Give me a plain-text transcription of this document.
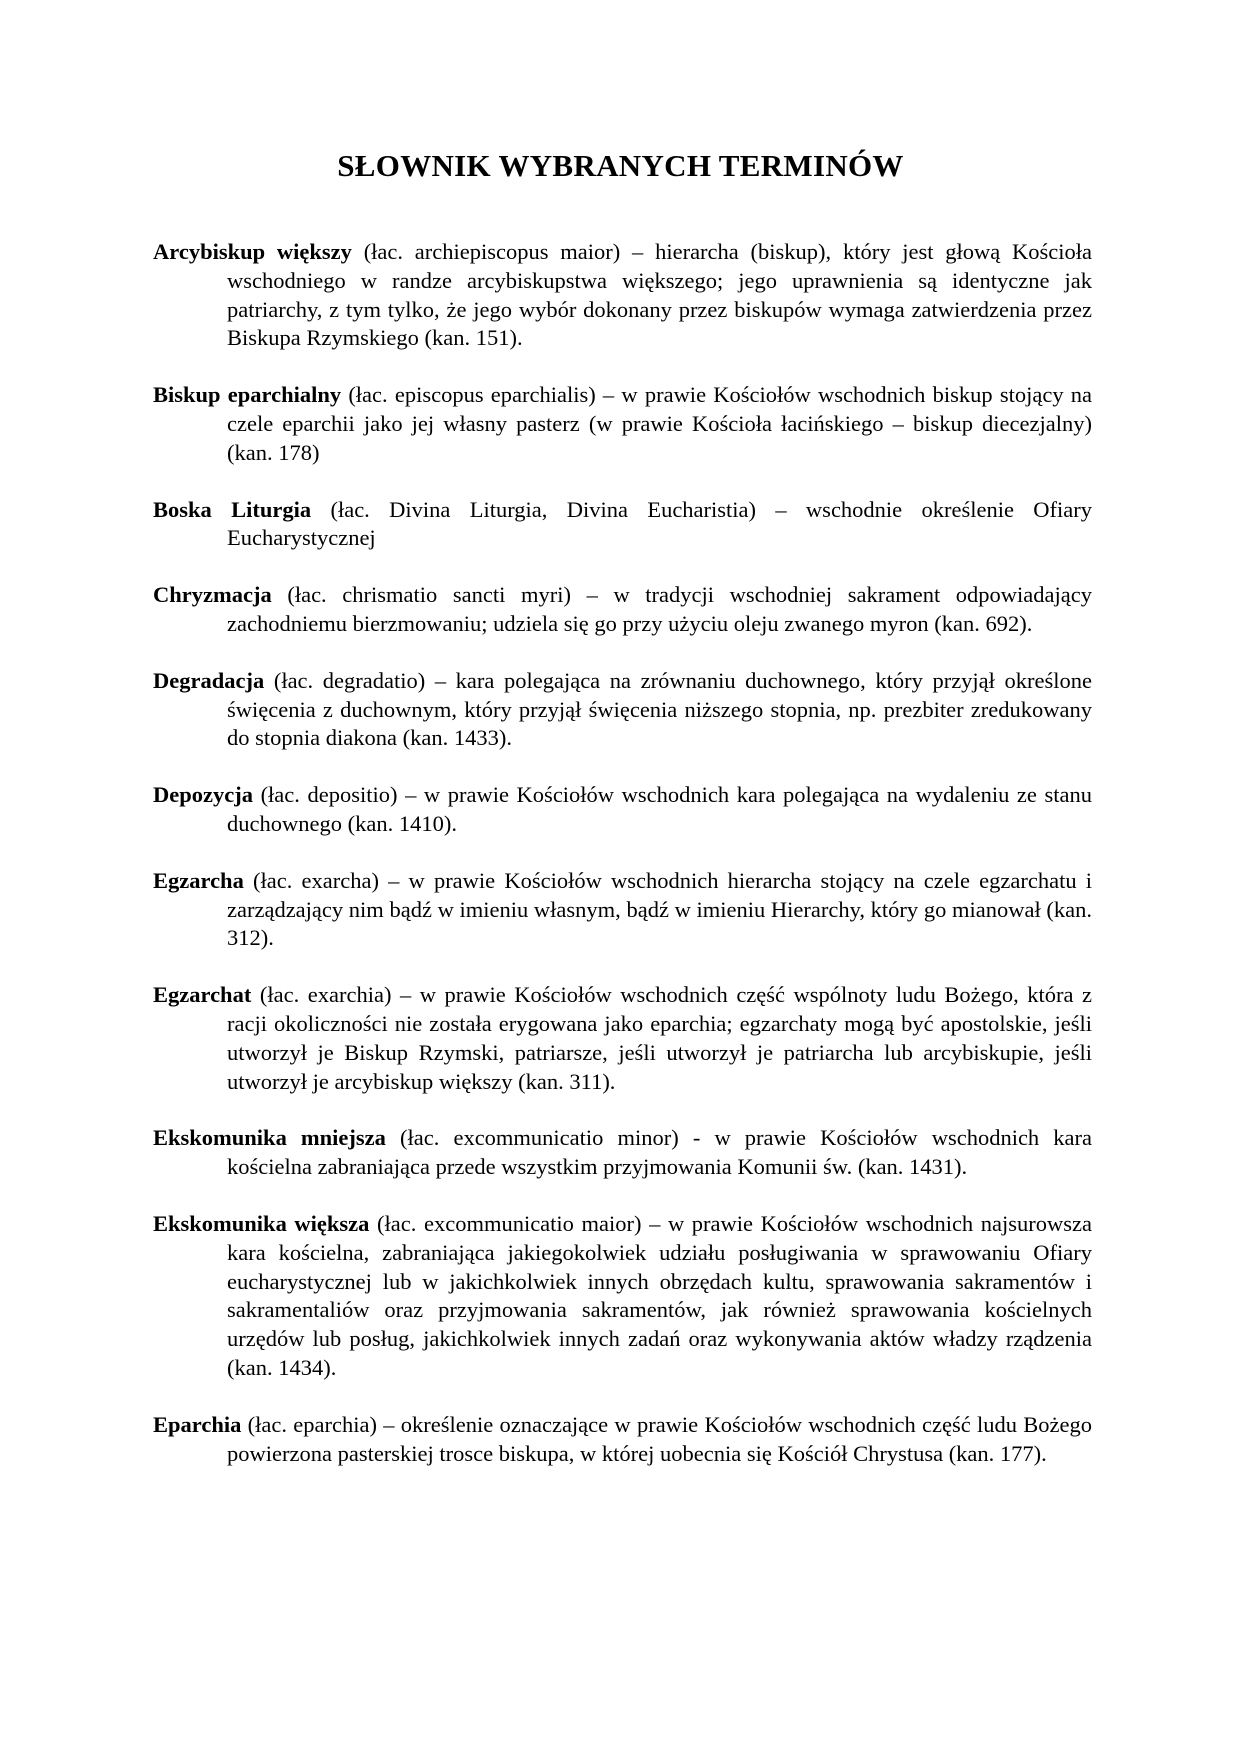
SŁOWNIK WYBRANYCH TERMINÓW

Arcybiskup większy (łac. archiepiscopus maior) – hierarcha (biskup), który jest głową Kościoła wschodniego w randze arcybiskupstwa większego; jego uprawnienia są identyczne jak patriarchy, z tym tylko, że jego wybór dokonany przez biskupów wymaga zatwierdzenia przez Biskupa Rzymskiego (kan. 151).

Biskup eparchialny (łac. episcopus eparchialis) – w prawie Kościołów wschodnich biskup stojący na czele eparchii jako jej własny pasterz (w prawie Kościoła łacińskiego – biskup diecezjalny) (kan. 178)

Boska Liturgia (łac. Divina Liturgia, Divina Eucharistia) – wschodnie określenie Ofiary Eucharystycznej

Chryzmacja (łac. chrismatio sancti myri) – w tradycji wschodniej sakrament odpowiadający zachodniemu bierzmowaniu; udziela się go przy użyciu oleju zwanego myron (kan. 692).

Degradacja (łac. degradatio) – kara polegająca na zrównaniu duchownego, który przyjął określone święcenia z duchownym, który przyjął święcenia niższego stopnia, np. prezbiter zredukowany do stopnia diakona (kan. 1433).

Depozycja (łac. depositio) – w prawie Kościołów wschodnich kara polegająca na wydaleniu ze stanu duchownego (kan. 1410).

Egzarcha (łac. exarcha) – w prawie Kościołów wschodnich hierarcha stojący na czele egzarchatu i zarządzający nim bądź w imieniu własnym, bądź w imieniu Hierarchy, który go mianował (kan. 312).

Egzarchat (łac. exarchia) – w prawie Kościołów wschodnich część wspólnoty ludu Bożego, która z racji okoliczności nie została erygowana jako eparchia; egzarchaty mogą być apostolskie, jeśli utworzył je Biskup Rzymski, patriarsze, jeśli utworzył je patriarcha lub arcybiskupie, jeśli utworzył je arcybiskup większy (kan. 311).

Ekskomunika mniejsza (łac. excommunicatio minor) - w prawie Kościołów wschodnich kara kościelna zabraniająca przede wszystkim przyjmowania Komunii św. (kan. 1431).

Ekskomunika większa (łac. excommunicatio maior) – w prawie Kościołów wschodnich najsurowsza kara kościelna, zabraniająca jakiegokolwiek udziału posługiwania w sprawowaniu Ofiary eucharystycznej lub w jakichkolwiek innych obrzędach kultu, sprawowania sakramentów i sakramentaliów oraz przyjmowania sakramentów, jak również sprawowania kościelnych urzędów lub posług, jakichkolwiek innych zadań oraz wykonywania aktów władzy rządzenia (kan. 1434).

Eparchia (łac. eparchia) – określenie oznaczające w prawie Kościołów wschodnich część ludu Bożego powierzona pasterskiej trosce biskupa, w której uobecnia się Kościół Chrystusa (kan. 177).
